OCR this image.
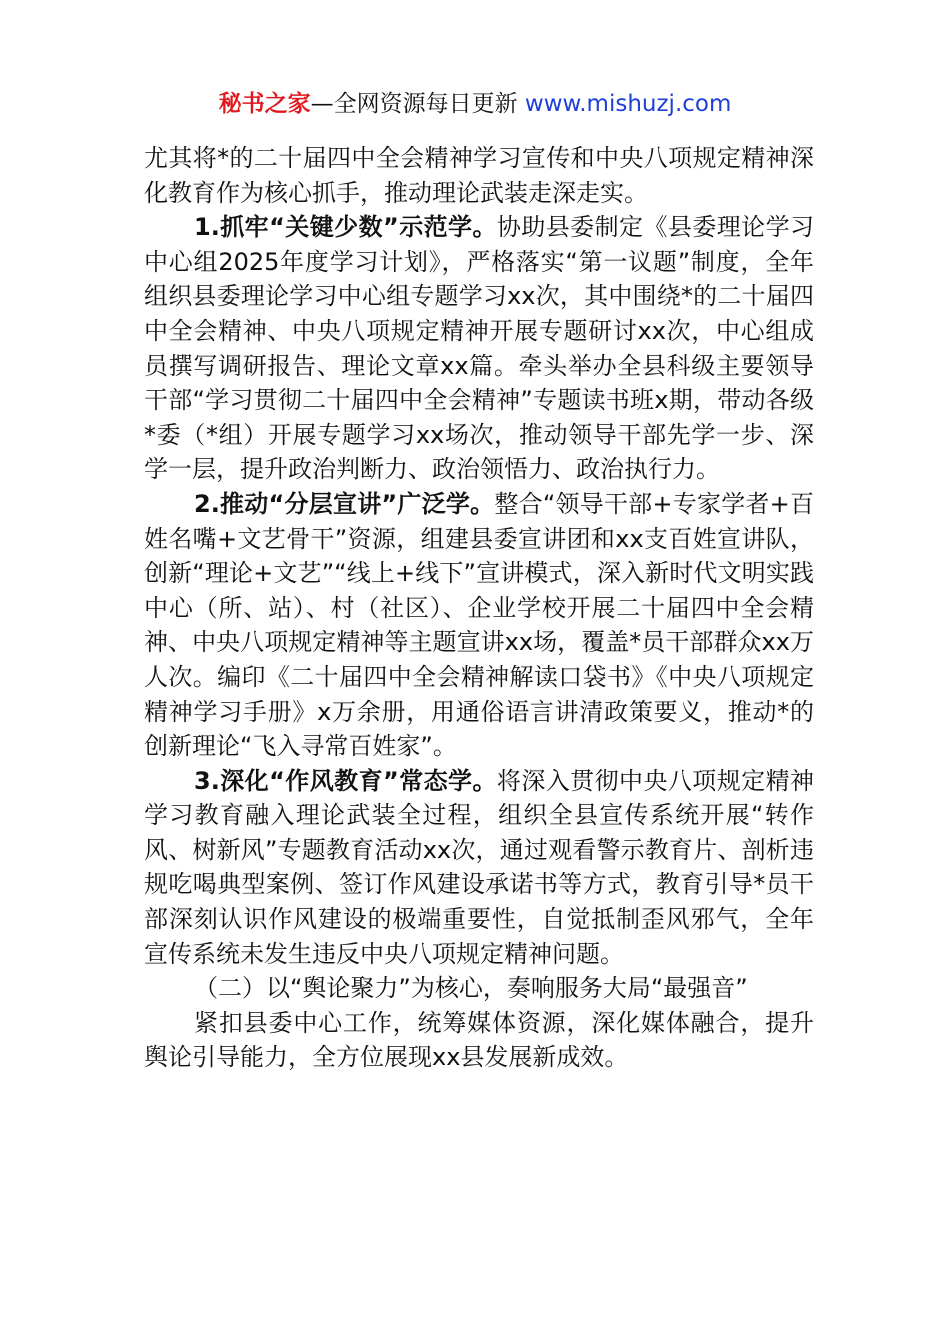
秘书之家—全网资源每日更新 www.mishuzj.com

尤其将*的二十届四中全会精神学习宣传和中央八项规定精神深化教育作为核心抓手，推动理论武装走深走实。

1.抓牢“关键少数”示范学。协助县委制定《县委理论学习中心组2025年度学习计划》，严格落实“第一议题”制度，全年组织县委理论学习中心组专题学习xx次，其中围绕*的二十届四中全会精神、中央八项规定精神开展专题研讨xx次，中心组成员撰写调研报告、理论文章xx篇。牵头举办全县科级主要领导干部“学习贯彻二十届四中全会精神”专题读书班x期，带动各级*委（*组）开展专题学习xx场次，推动领导干部先学一步、深学一层，提升政治判断力、政治领悟力、政治执行力。

2.推动“分层宣讲”广泛学。整合“领导干部+专家学者+百姓名嘴+文艺骨干”资源，组建县委宣讲团和xx支百姓宣讲队，创新“理论+文艺”“线上+线下”宣讲模式，深入新时代文明实践中心（所、站）、村（社区）、企业学校开展二十届四中全会精神、中央八项规定精神等主题宣讲xx场，覆盖*员干部群众xx万人次。编印《二十届四中全会精神解读口袋书》《中央八项规定精神学习手册》x万余册，用通俗语言讲清政策要义，推动*的创新理论“飞入寻常百姓家”。

3.深化“作风教育”常态学。将深入贯彻中央八项规定精神学习教育融入理论武装全过程，组织全县宣传系统开展“转作风、树新风”专题教育活动xx次，通过观看警示教育片、剖析违规吃喝典型案例、签订作风建设承诺书等方式，教育引导*员干部深刻认识作风建设的极端重要性，自觉抵制歪风邪气，全年宣传系统未发生违反中央八项规定精神问题。

（二）以“舆论聚力”为核心，奏响服务大局“最强音”

紧扣县委中心工作，统筹媒体资源，深化媒体融合，提升舆论引导能力，全方位展现xx县发展新成效。
